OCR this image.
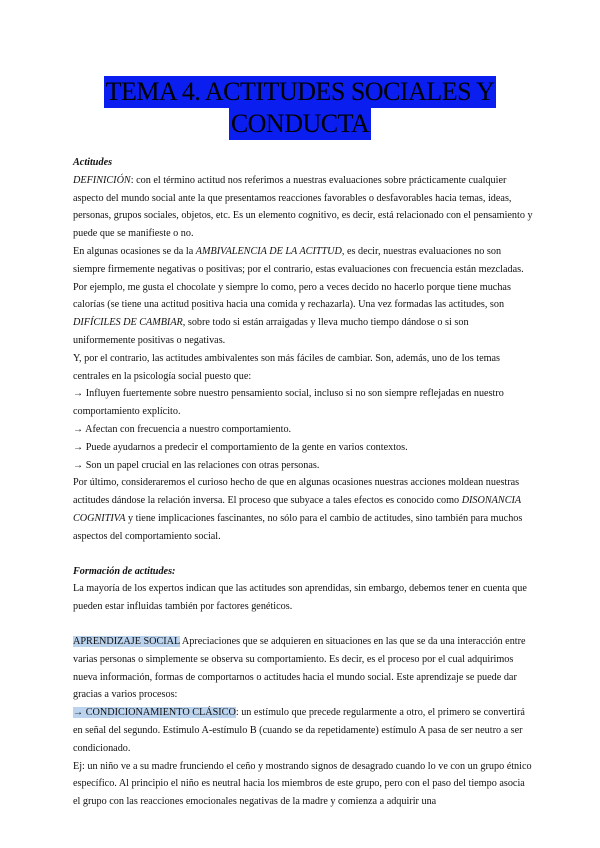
TEMA 4. ACTITUDES SOCIALES Y
CONDUCTA

Actitudes

DEFINICIÓN: con el término actitud nos referimos a nuestras evaluaciones sobre prácticamente cualquier aspecto del mundo social ante la que presentamos reacciones favorables o desfavorables hacia temas, ideas, personas, grupos sociales, objetos, etc. Es un elemento cognitivo, es decir, está relacionado con el pensamiento y puede que se manifieste o no.

En algunas ocasiones se da la AMBIVALENCIA DE LA ACITTUD, es decir, nuestras evaluaciones no son siempre firmemente negativas o positivas; por el contrario, estas evaluaciones con frecuencia están mezcladas. Por ejemplo, me gusta el chocolate y siempre lo como, pero a veces decido no hacerlo porque tiene muchas calorías (se tiene una actitud positiva hacia una comida y rechazarla). Una vez formadas las actitudes, son DIFÍCILES DE CAMBIAR, sobre todo si están arraigadas y lleva mucho tiempo dándose o si son uniformemente positivas o negativas.

Y, por el contrario, las actitudes ambivalentes son más fáciles de cambiar. Son, además, uno de los temas centrales en la psicología social puesto que:

→ Influyen fuertemente sobre nuestro pensamiento social, incluso si no son siempre reflejadas en nuestro comportamiento explícito.

→ Afectan con frecuencia a nuestro comportamiento.

→ Puede ayudarnos a predecir el comportamiento de la gente en varios contextos.

→ Son un papel crucial en las relaciones con otras personas.

Por último, consideraremos el curioso hecho de que en algunas ocasiones nuestras acciones moldean nuestras actitudes dándose la relación inversa. El proceso que subyace a tales efectos es conocido como DISONANCIA COGNITIVA y tiene implicaciones fascinantes, no sólo para el cambio de actitudes, sino también para muchos aspectos del comportamiento social.

Formación de actitudes:

La mayoría de los expertos indican que las actitudes son aprendidas, sin embargo, debemos tener en cuenta que pueden estar influidas también por factores genéticos.

APRENDIZAJE SOCIAL Apreciaciones que se adquieren en situaciones en las que se da una interacción entre varias personas o simplemente se observa su comportamiento. Es decir, es el proceso por el cual adquirimos nueva información, formas de comportarnos o actitudes hacia el mundo social. Este aprendizaje se puede dar gracias a varios procesos:

→ CONDICIONAMIENTO CLÁSICO: un estímulo que precede regularmente a otro, el primero se convertirá en señal del segundo. Estimulo A-estímulo B (cuando se da repetidamente) estímulo A pasa de ser neutro a ser condicionado.

Ej: un niño ve a su madre frunciendo el ceño y mostrando signos de desagrado cuando lo ve con un grupo étnico específico. Al principio el niño es neutral hacia los miembros de este grupo, pero con el paso del tiempo asocia el grupo con las reacciones emocionales negativas de la madre y comienza a adquirir una
